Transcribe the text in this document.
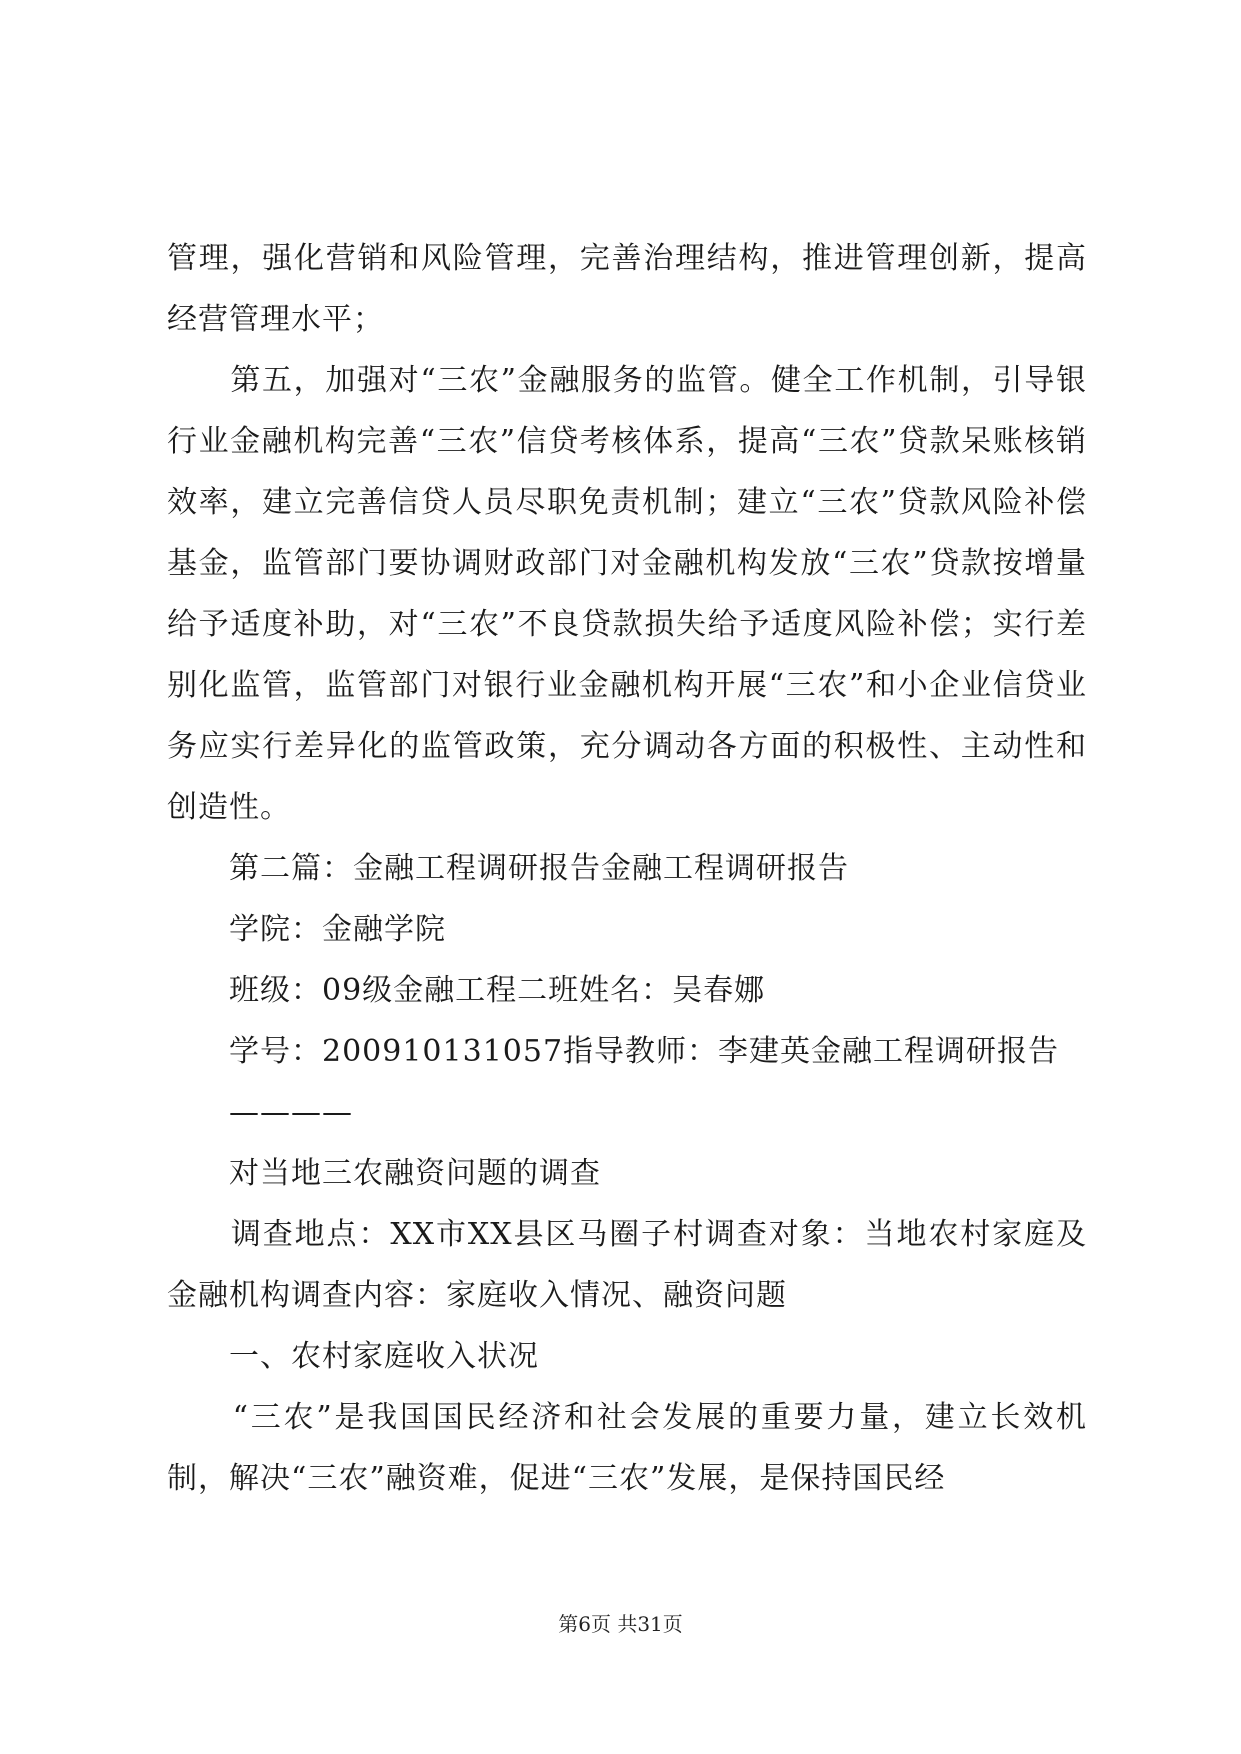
管理，强化营销和风险管理，完善治理结构，推进管理创新，提高经营管理水平；

　　第五，加强对“三农”金融服务的监管。健全工作机制，引导银行业金融机构完善“三农”信贷考核体系，提高“三农”贷款呆账核销效率，建立完善信贷人员尽职免责机制；建立“三农”贷款风险补偿基金，监管部门要协调财政部门对金融机构发放“三农”贷款按增量给予适度补助，对“三农”不良贷款损失给予适度风险补偿；实行差别化监管，监管部门对银行业金融机构开展“三农”和小企业信贷业务应实行差异化的监管政策，充分调动各方面的积极性、主动性和创造性。

　　第二篇：金融工程调研报告金融工程调研报告

　　学院：金融学院

　　班级：09级金融工程二班姓名：吴春娜

　　学号：200910131057指导教师：李建英金融工程调研报告

　　————

　　对当地三农融资问题的调查

　　调查地点：XX市XX县区马圈子村调查对象：当地农村家庭及金融机构调查内容：家庭收入情况、融资问题

　　一、农村家庭收入状况

　　“三农”是我国国民经济和社会发展的重要力量，建立长效机制，解决“三农”融资难，促进“三农”发展，是保持国民经

第6页 共31页
